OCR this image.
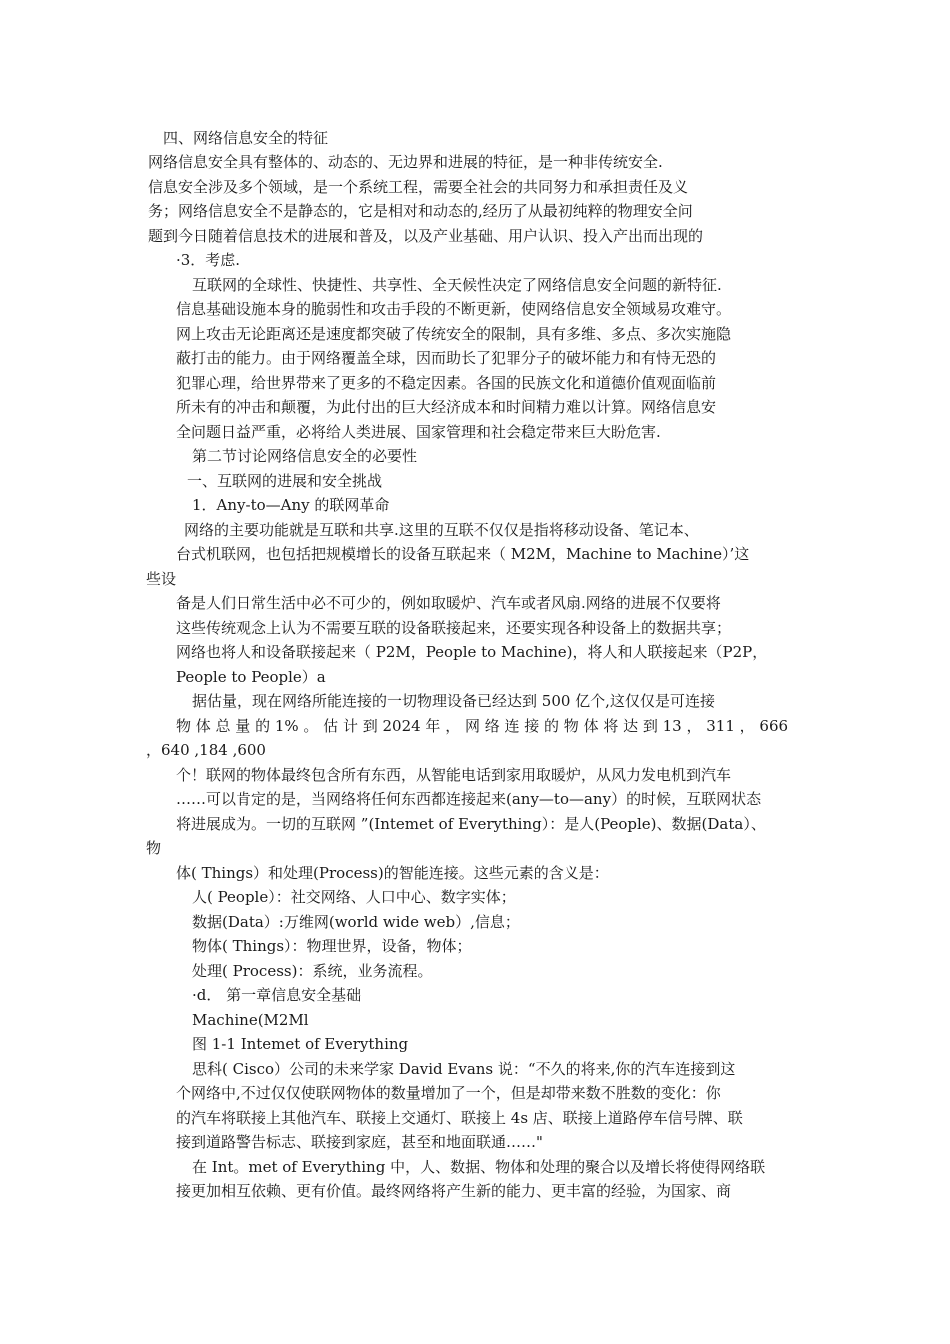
四、网络信息安全的特征
网络信息安全具有整体的、动态的、无边界和进展的特征，是一种非传统安全.
信息安全涉及多个领域，是一个系统工程，需要全社会的共同努力和承担责任及义
务；网络信息安全不是静态的，它是相对和动态的,经历了从最初纯粹的物理安全问
题到今日随着信息技术的进展和普及，以及产业基础、用户认识、投入产出而出现的
·3．考虑.
互联网的全球性、快捷性、共享性、全天候性决定了网络信息安全问题的新特征.
信息基础设施本身的脆弱性和攻击手段的不断更新，使网络信息安全领域易攻难守。
网上攻击无论距离还是速度都突破了传统安全的限制，具有多维、多点、多次实施隐
蔽打击的能力。由于网络覆盖全球，因而助长了犯罪分子的破坏能力和有恃无恐的
犯罪心理，给世界带来了更多的不稳定因素。各国的民族文化和道德价值观面临前
所未有的冲击和颠覆，为此付出的巨大经济成本和时间精力难以计算。网络信息安
全问题日益严重，必将给人类进展、国家管理和社会稳定带来巨大盼危害.
第二节讨论网络信息安全的必要性
一、互联网的进展和安全挑战
1．Any-to—Any 的联网革命
网络的主要功能就是互联和共享.这里的互联不仅仅是指将移动设备、笔记本、
台式机联网，也包括把规模增长的设备互联起来（ M2M，Machine to Machine）’这
些设
备是人们日常生活中必不可少的，例如取暖炉、汽车或者风扇.网络的进展不仅要将
这些传统观念上认为不需要互联的设备联接起来，还要实现各种设备上的数据共享；
网络也将人和设备联接起来（ P2M，People to Machine)，将人和人联接起来（P2P，
People to People）a
据估量，现在网络所能连接的一切物理设备已经达到 500 亿个,这仅仅是可连接
物 体 总 量 的 1% 。 估 计 到 2024 年 ， 网 络 连 接 的 物 体 将 达 到 13 ， 311 ， 666
，640 ,184 ,600
个！联网的物体最终包含所有东西，从智能电话到家用取暖炉，从风力发电机到汽车
……可以肯定的是，当网络将任何东西都连接起来(any—to—any）的时候，互联网状态
将进展成为。一切的互联网 ”(Intemet of Everything）：是人(People)、数据(Data）、
物
体( Things）和处理(Process)的智能连接。这些元素的含义是：
人( People）：社交网络、人口中心、数字实体；
数据(Data）:万维网(world wide web）,信息；
物体( Things）：物理世界，设备，物体；
处理( Process)：系统，业务流程。
·d． 第一章信息安全基础
Machine(M2Ml
图 1-1 Intemet of Everything
思科( Cisco）公司的未来学家 David Evans 说：“不久的将来,你的汽车连接到这
个网络中,不过仅仅使联网物体的数量增加了一个，但是却带来数不胜数的变化：你
的汽车将联接上其他汽车、联接上交通灯、联接上 4s 店、联接上道路停车信号牌、联
接到道路警告标志、联接到家庭，甚至和地面联通……"
在 Int。met of Everything 中，人、数据、物体和处理的聚合以及增长将使得网络联
接更加相互依赖、更有价值。最终网络将产生新的能力、更丰富的经验，为国家、商
